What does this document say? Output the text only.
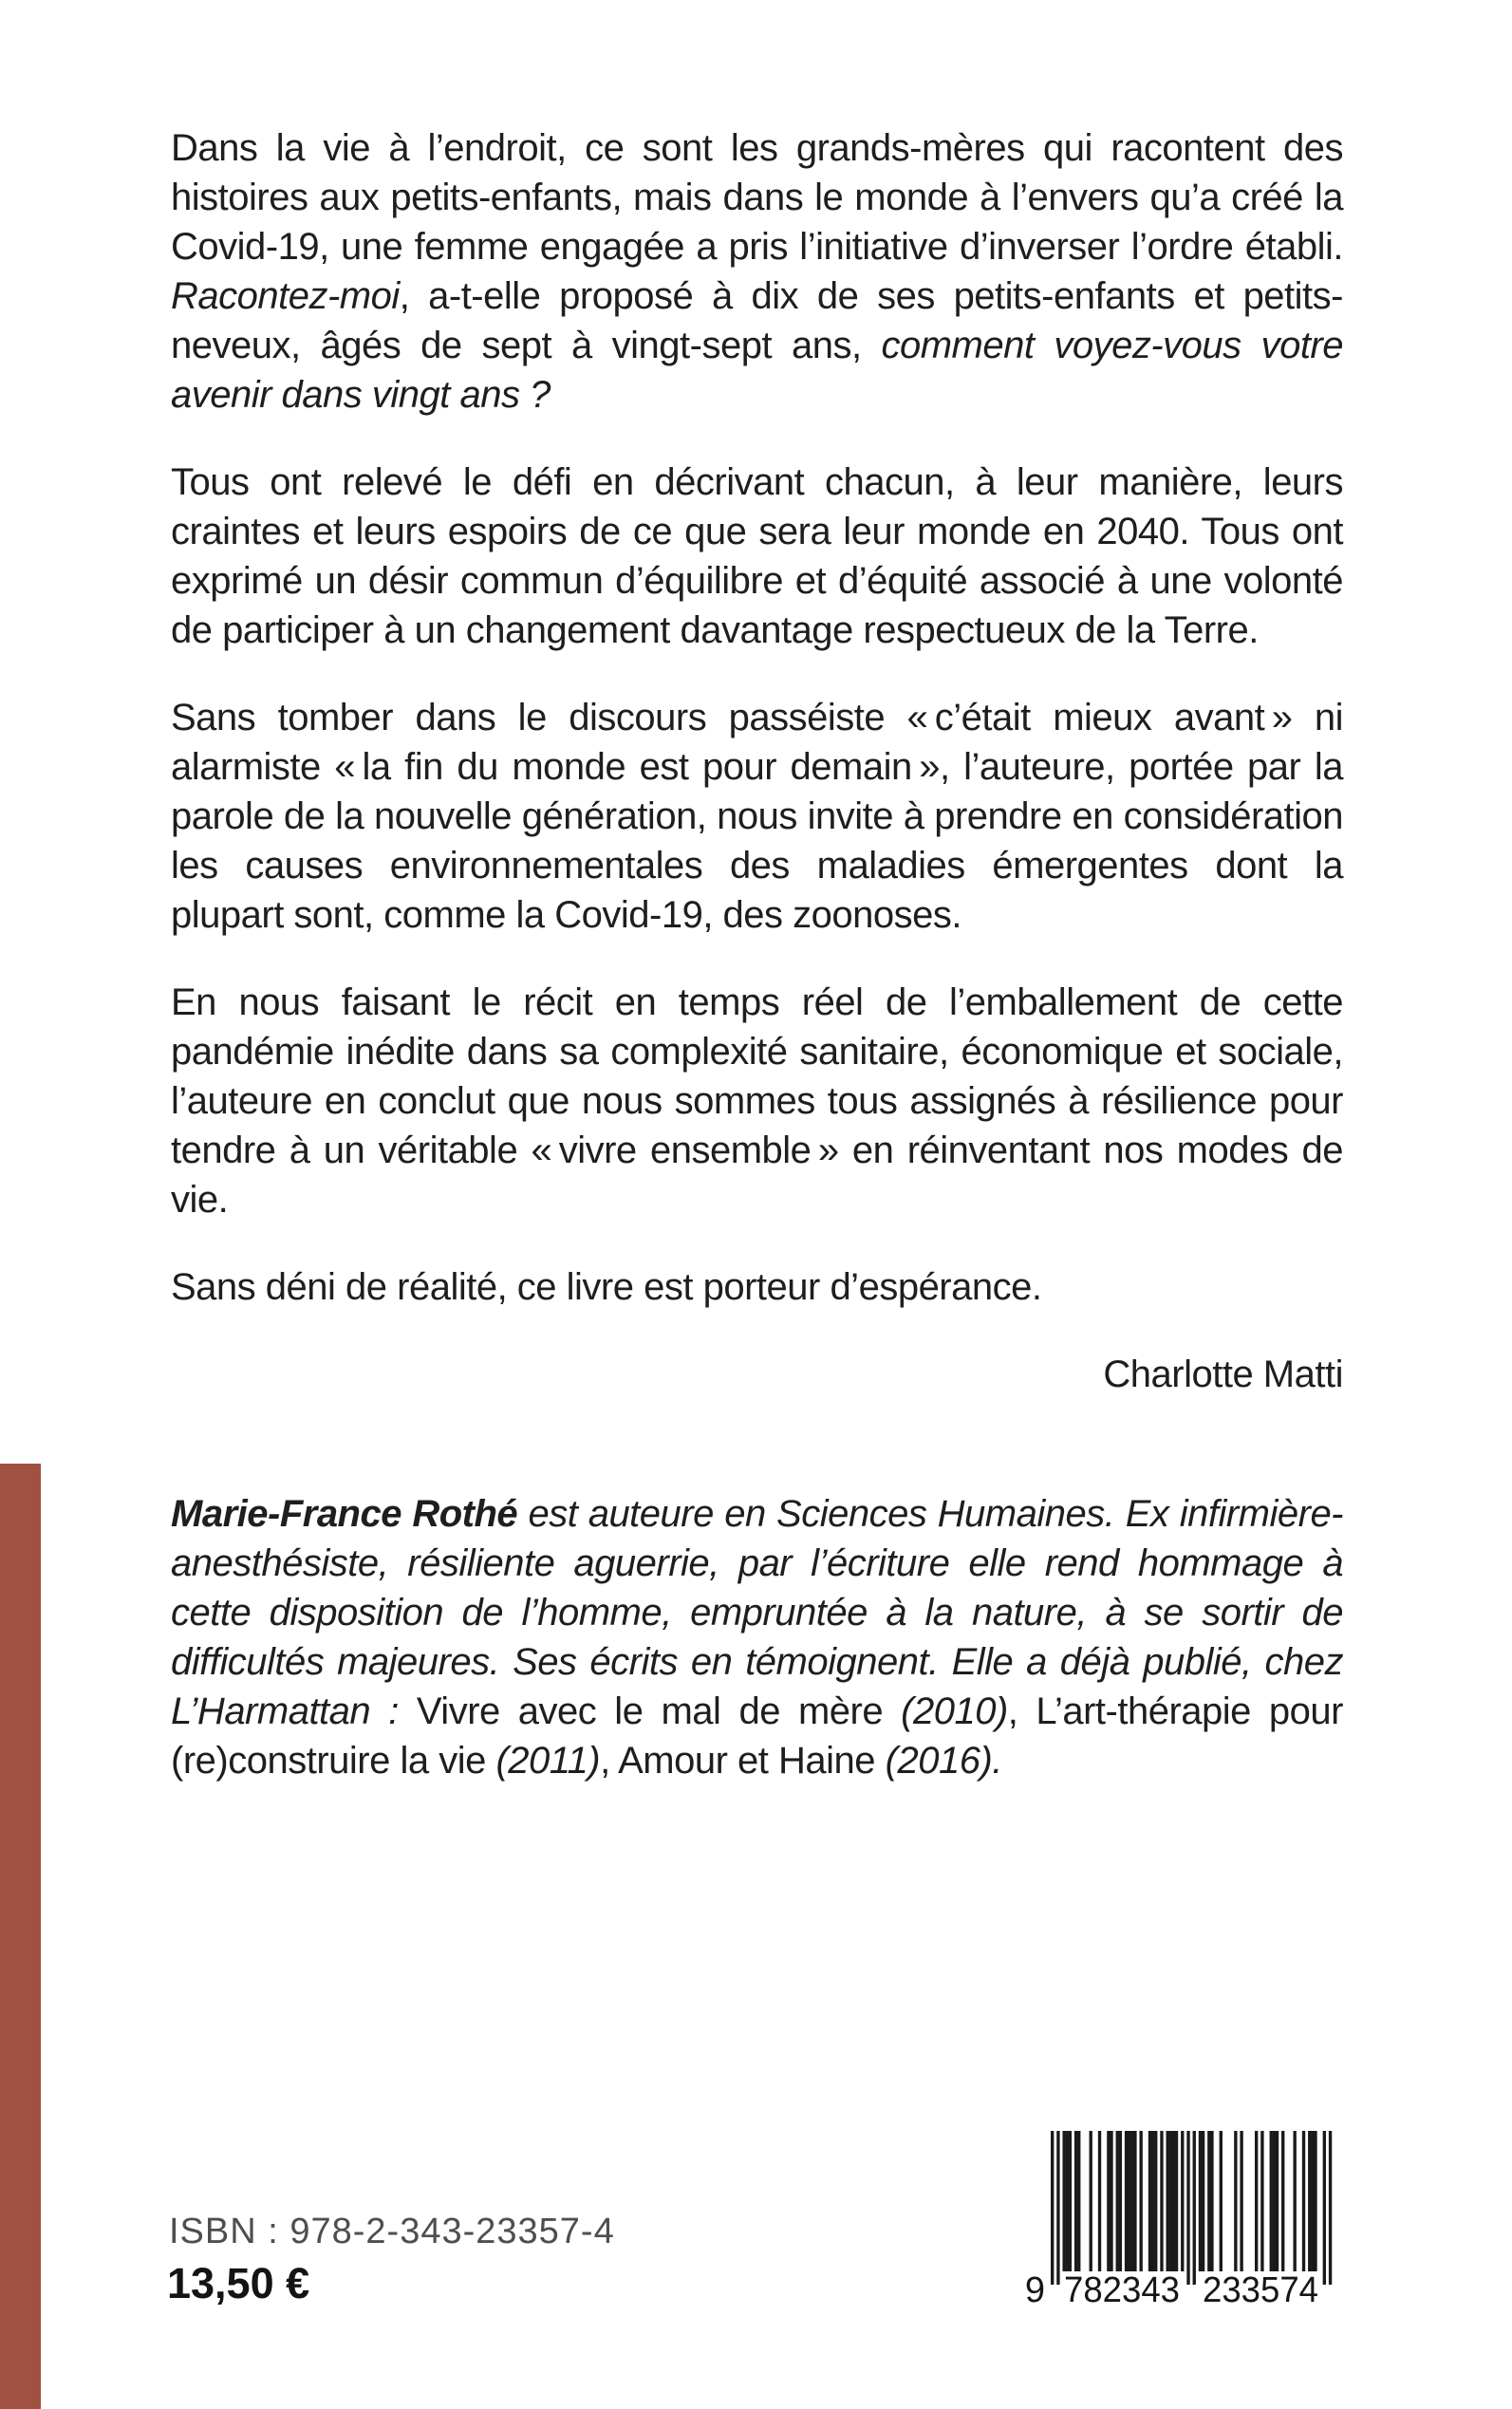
Dans la vie à l’endroit, ce sont les grands-mères qui racontent des histoires aux petits-enfants, mais dans le monde à l’envers qu’a créé la Covid-19, une femme engagée a pris l’initiative d’inverser l’ordre établi. Racontez-moi, a-t-elle proposé à dix de ses petits-enfants et petits-neveux, âgés de sept à vingt-sept ans, comment voyez-vous votre avenir dans vingt ans ?

Tous ont relevé le défi en décrivant chacun, à leur manière, leurs craintes et leurs espoirs de ce que sera leur monde en 2040. Tous ont exprimé un désir commun d’équilibre et d’équité associé à une volonté de participer à un changement davantage respectueux de la Terre.

Sans tomber dans le discours passéiste « c’était mieux avant » ni alarmiste « la fin du monde est pour demain », l’auteure, portée par la parole de la nouvelle génération, nous invite à prendre en considération les causes environnementales des maladies émergentes dont la plupart sont, comme la Covid-19, des zoonoses.

En nous faisant le récit en temps réel de l’emballement de cette pandémie inédite dans sa complexité sanitaire, économique et sociale, l’auteure en conclut que nous sommes tous assignés à résilience pour tendre à un véritable « vivre ensemble » en réinventant nos modes de vie.

Sans déni de réalité, ce livre est porteur d’espérance.

Charlotte Matti

Marie-France Rothé est auteure en Sciences Humaines. Ex infirmière-anesthésiste, résiliente aguerrie, par l’écriture elle rend hommage à cette disposition de l’homme, empruntée à la nature, à se sortir de difficultés majeures. Ses écrits en témoignent. Elle a déjà publié, chez L’Harmattan : Vivre avec le mal de mère (2010), L’art-thérapie pour (re)construire la vie (2011), Amour et Haine (2016).

ISBN : 978-2-343-23357-4
13,50 €	9 782343 233574
